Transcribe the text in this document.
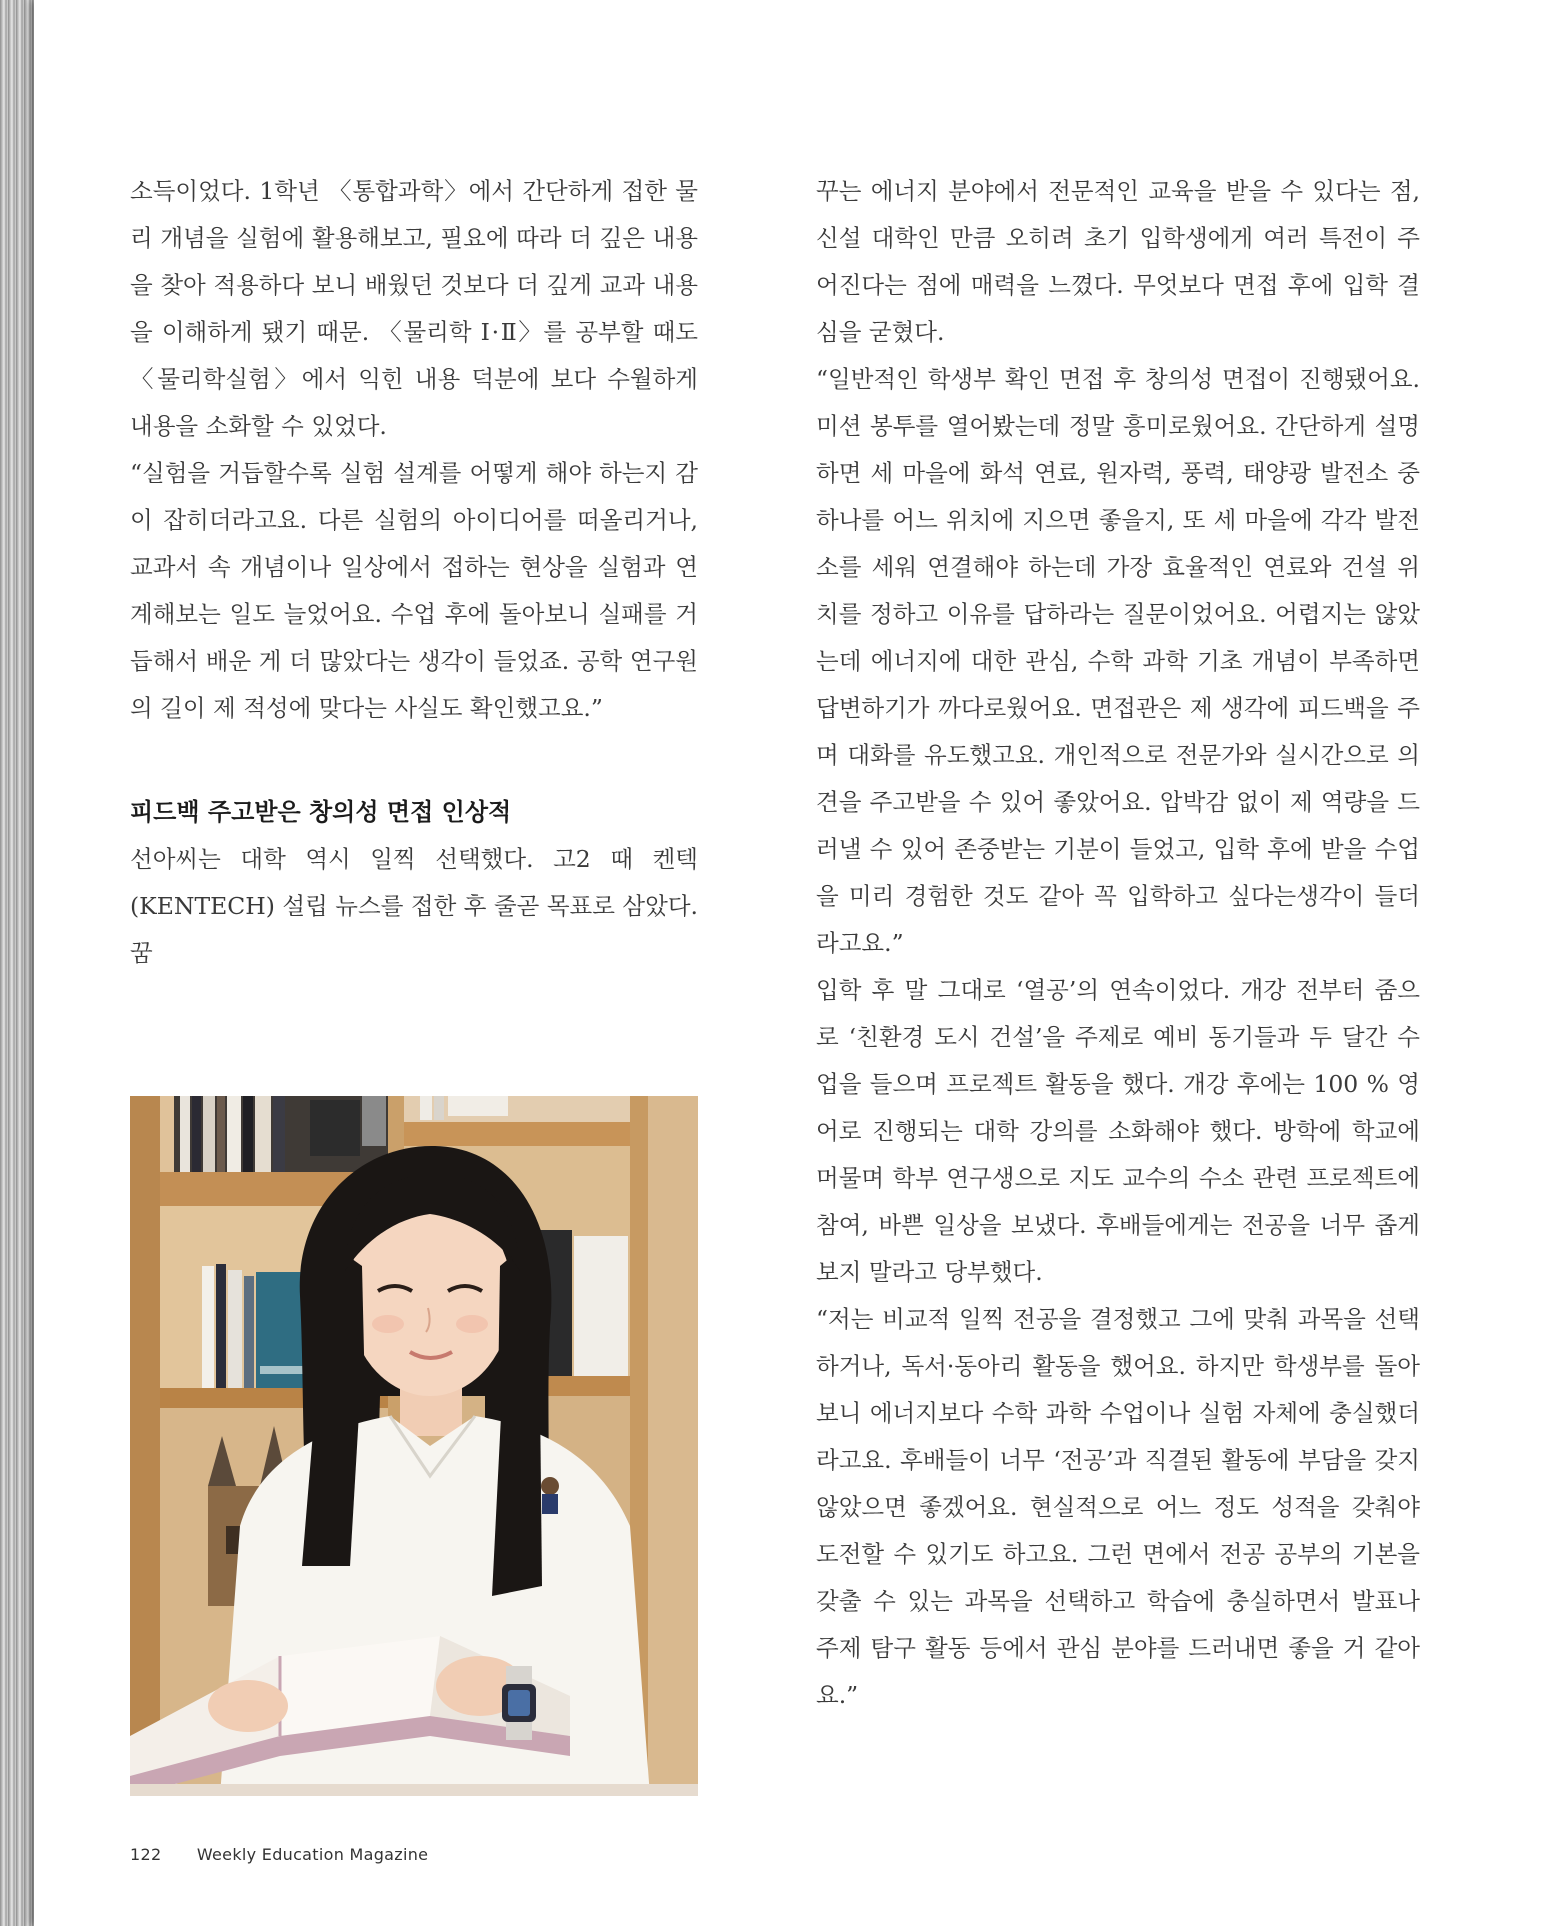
소득이었다. 1학년 〈통합과학〉에서 간단하게 접한 물리 개념을 실험에 활용해보고, 필요에 따라 더 깊은 내용을 찾아 적용하다 보니 배웠던 것보다 더 깊게 교과 내용을 이해하게 됐기 때문. 〈물리학 Ⅰ·Ⅱ〉를 공부할 때도 〈물리학실험〉에서 익힌 내용 덕분에 보다 수월하게 내용을 소화할 수 있었다.

“실험을 거듭할수록 실험 설계를 어떻게 해야 하는지 감이 잡히더라고요. 다른 실험의 아이디어를 떠올리거나, 교과서 속 개념이나 일상에서 접하는 현상을 실험과 연계해보는 일도 늘었어요. 수업 후에 돌아보니 실패를 거듭해서 배운 게 더 많았다는 생각이 들었죠. 공학 연구원의 길이 제 적성에 맞다는 사실도 확인했고요.”

피드백 주고받은 창의성 면접 인상적

선아씨는 대학 역시 일찍 선택했다. 고2 때 켄텍(KENTECH) 설립 뉴스를 접한 후 줄곧 목표로 삼았다. 꿈

꾸는 에너지 분야에서 전문적인 교육을 받을 수 있다는 점, 신설 대학인 만큼 오히려 초기 입학생에게 여러 특전이 주어진다는 점에 매력을 느꼈다. 무엇보다 면접 후에 입학 결심을 굳혔다.

“일반적인 학생부 확인 면접 후 창의성 면접이 진행됐어요. 미션 봉투를 열어봤는데 정말 흥미로웠어요. 간단하게 설명하면 세 마을에 화석 연료, 원자력, 풍력, 태양광 발전소 중 하나를 어느 위치에 지으면 좋을지, 또 세 마을에 각각 발전소를 세워 연결해야 하는데 가장 효율적인 연료와 건설 위치를 정하고 이유를 답하라는 질문이었어요. 어렵지는 않았는데 에너지에 대한 관심, 수학 과학 기초 개념이 부족하면 답변하기가 까다로웠어요. 면접관은 제 생각에 피드백을 주며 대화를 유도했고요. 개인적으로 전문가와 실시간으로 의견을 주고받을 수 있어 좋았어요. 압박감 없이 제 역량을 드러낼 수 있어 존중받는 기분이 들었고, 입학 후에 받을 수업을 미리 경험한 것도 같아 꼭 입학하고 싶다는생각이 들더라고요.”

입학 후 말 그대로 ‘열공’의 연속이었다. 개강 전부터 줌으로 ‘친환경 도시 건설’을 주제로 예비 동기들과 두 달간 수업을 들으며 프로젝트 활동을 했다. 개강 후에는 100 % 영어로 진행되는 대학 강의를 소화해야 했다. 방학에 학교에 머물며 학부 연구생으로 지도 교수의 수소 관련 프로젝트에 참여, 바쁜 일상을 보냈다. 후배들에게는 전공을 너무 좁게 보지 말라고 당부했다.

“저는 비교적 일찍 전공을 결정했고 그에 맞춰 과목을 선택하거나, 독서·동아리 활동을 했어요. 하지만 학생부를 돌아보니 에너지보다 수학 과학 수업이나 실험 자체에 충실했더라고요. 후배들이 너무 ‘전공’과 직결된 활동에 부담을 갖지 않았으면 좋겠어요. 현실적으로 어느 정도 성적을 갖춰야 도전할 수 있기도 하고요. 그런 면에서 전공 공부의 기본을 갖출 수 있는 과목을 선택하고 학습에 충실하면서 발표나 주제 탐구 활동 등에서 관심 분야를 드러내면 좋을 거 같아요.”

122 Weekly Education Magazine
